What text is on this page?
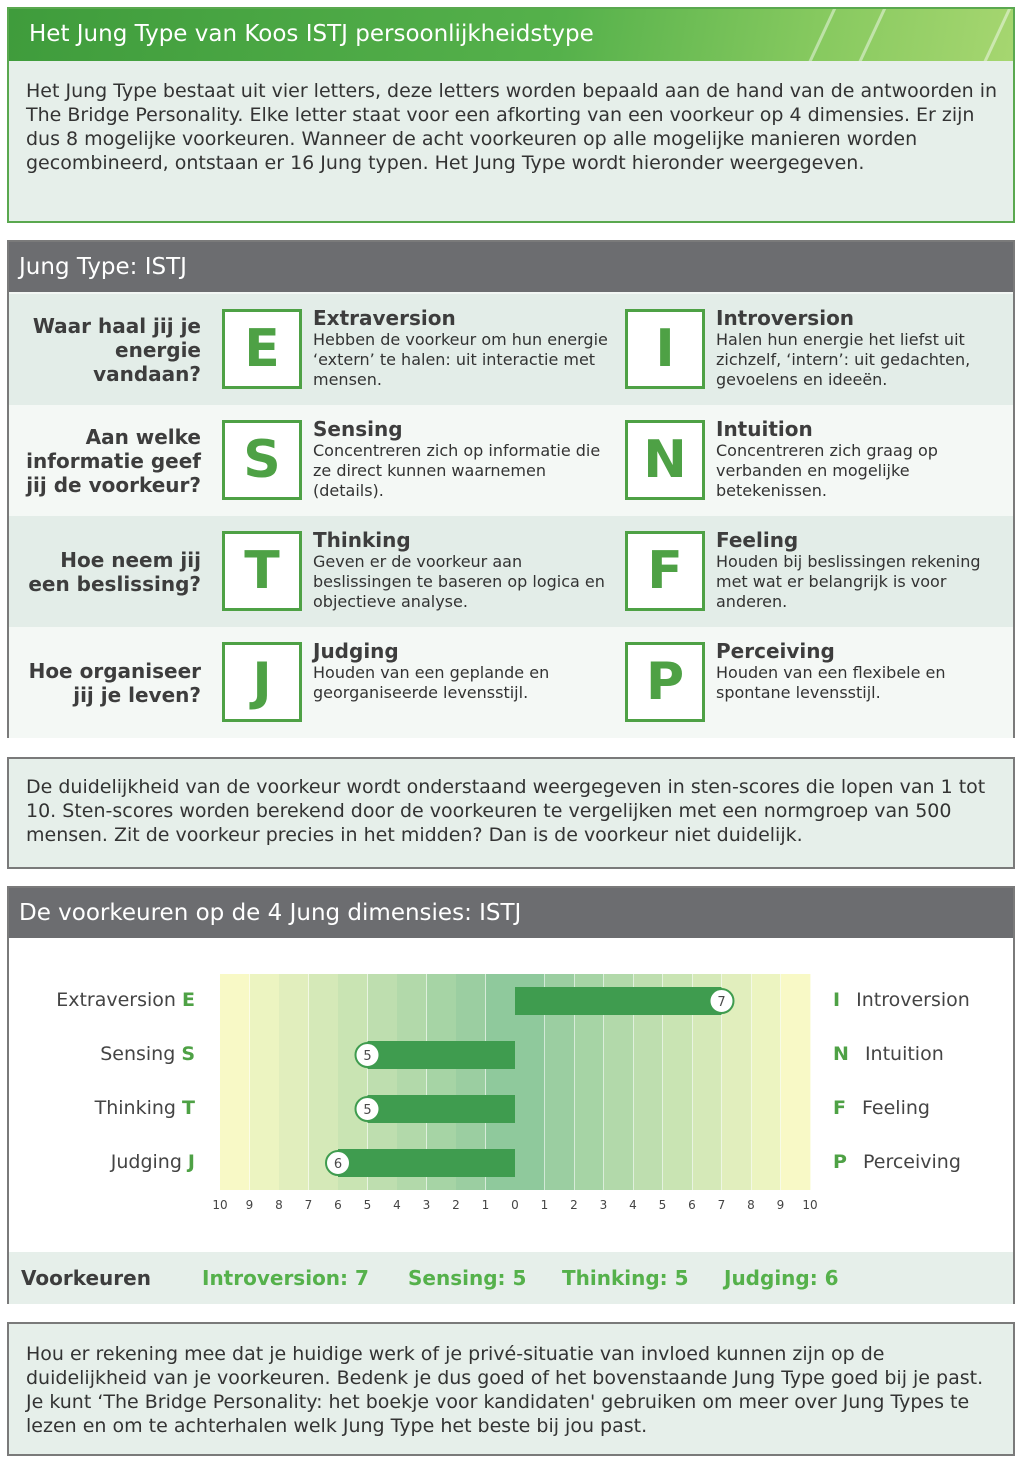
Het Jung Type van Koos ISTJ persoonlijkheidstype
Het Jung Type bestaat uit vier letters, deze letters worden bepaald aan de hand van de antwoorden in The Bridge Personality. Elke letter staat voor een afkorting van een voorkeur op 4 dimensies. Er zijn dus 8 mogelijke voorkeuren. Wanneer de acht voorkeuren op alle mogelijke manieren worden gecombineerd, ontstaan er 16 Jung typen. Het Jung Type wordt hieronder weergegeven.
Jung Type: ISTJ
Waar haal jij je energie vandaan? E
Extraversion
Hebben de voorkeur om hun energie ‘extern’ te halen: uit interactie met mensen.
I
Introversion
Halen hun energie het liefst uit zichzelf, ‘intern’: uit gedachten, gevoelens en ideeën.
Aan welke informatie geef jij de voorkeur? S
Sensing
Concentreren zich op informatie die ze direct kunnen waarnemen (details).
N
Intuition
Concentreren zich graag op verbanden en mogelijke betekenissen.
Hoe neem jij een beslissing? T
Thinking
Geven er de voorkeur aan beslissingen te baseren op logica en objectieve analyse.
F
Feeling
Houden bij beslissingen rekening met wat er belangrijk is voor anderen.
Hoe organiseer jij je leven? J
Judging
Houden van een geplande en georganiseerde levensstijl.	P
Perceiving
Houden van een flexibele en spontane levensstijl.
De duidelijkheid van de voorkeur wordt onderstaand weergegeven in sten-scores die lopen van 1 tot 10. Sten-scores worden berekend door de voorkeuren te vergelijken met een normgroep van 500 mensen. Zit de voorkeur precies in het midden? Dan is de voorkeur niet duidelijk.
De voorkeuren op de 4 Jung dimensies: ISTJ
Extraversion E	I Introversion
Sensing S	N Intuition
Thinking T	F Feeling
Judging J	P Perceiving
7
5
5
6
10	9	8	7	6	5	4	3	2	1	0	1	2	3	4	5	6	7	8	9	10
Voorkeuren	Introversion: 7 Sensing: 5 Thinking: 5 Judging: 6
Hou er rekening mee dat je huidige werk of je privé-situatie van invloed kunnen zijn op de duidelijkheid van je voorkeuren. Bedenk je dus goed of het bovenstaande Jung Type goed bij je past. Je kunt ‘The Bridge Personality: het boekje voor kandidaten' gebruiken om meer over Jung Types te lezen en om te achterhalen welk Jung Type het beste bij jou past.
